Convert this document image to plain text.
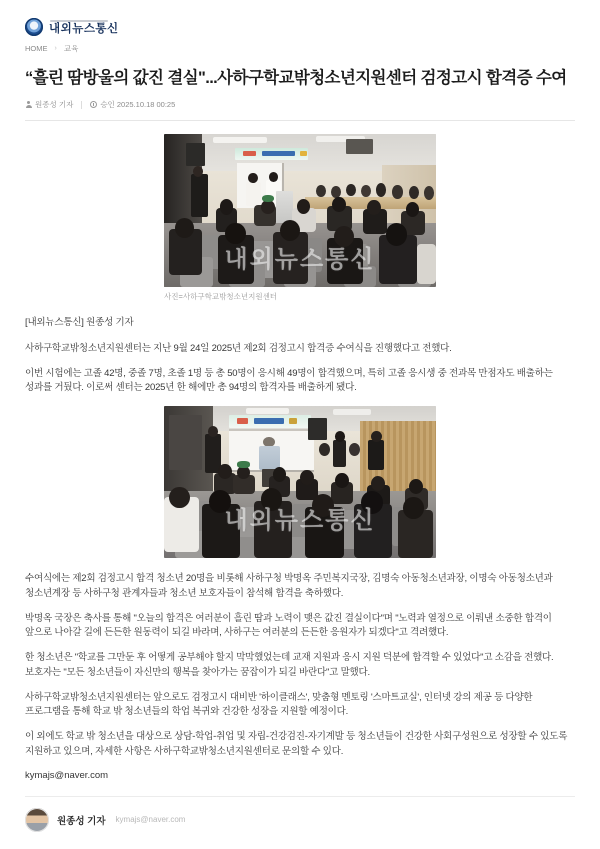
내외뉴스통신
HOME › 교육
“흘린 땀방울의 값진 결실"...사하구학교밖청소년지원센터 검정고시 합격증 수여
원종성 기자	승인 2025.10.18 00:25
내외뉴스통신
사진=사하구학교밖청소년지원센터

[내외뉴스통신] 원종성 기자

사하구학교밖청소년지원센터는 지난 9월 24일 2025년 제2회 검정고시 합격증 수여식을 진행했다고 전했다.

이번 시험에는 고졸 42명, 중졸 7명, 초졸 1명 등 총 50명이 응시해 49명이 합격했으며, 특히 고졸 응시생 중 전과목 만점자도 배출하는 성과를 거뒀다. 이로써 센터는 2025년 한 해에만 총 94명의 합격자를 배출하게 됐다.

내외뉴스통신

수여식에는 제2회 검정고시 합격 청소년 20명을 비롯해 사하구청 박명옥 주민복지국장, 김명숙 아동청소년과장, 이명숙 아동청소년과 청소년계장 등 사하구청 관계자들과 청소년 보호자들이 참석해 합격을 축하했다.

박명옥 국장은 축사를 통해 "오늘의 합격은 여러분이 흘린 땀과 노력이 맺은 값진 결실이다"며 "노력과 열정으로 이뤄낸 소중한 합격이 앞으로 나아갈 길에 든든한 원동력이 되길 바라며, 사하구는 여러분의 든든한 응원자가 되겠다"고 격려했다.

한 청소년은 "학교를 그만둔 후 어떻게 공부해야 할지 막막했었는데 교재 지원과 응시 지원 덕분에 합격할 수 있었다"고 소감을 전했다. 보호자는 "모든 청소년들이 자신만의 행복을 찾아가는 꿈잡이가 되길 바란다"고 말했다.

사하구학교밖청소년지원센터는 앞으로도 검정고시 대비반 '하이클래스', 맞춤형 멘토링 '스마트교실', 인터넷 강의 제공 등 다양한 프로그램을 통해 학교 밖 청소년들의 학업 복귀와 건강한 성장을 지원할 예정이다.

이 외에도 학교 밖 청소년을 대상으로 상담-학업-취업 및 자립-건강검진-자기계발 등 청소년들이 건강한 사회구성원으로 성장할 수 있도록 지원하고 있으며, 자세한 사항은 사하구학교밖청소년지원센터로 문의할 수 있다.

kymajs@naver.com

원종성 기자 kymajs@naver.com
